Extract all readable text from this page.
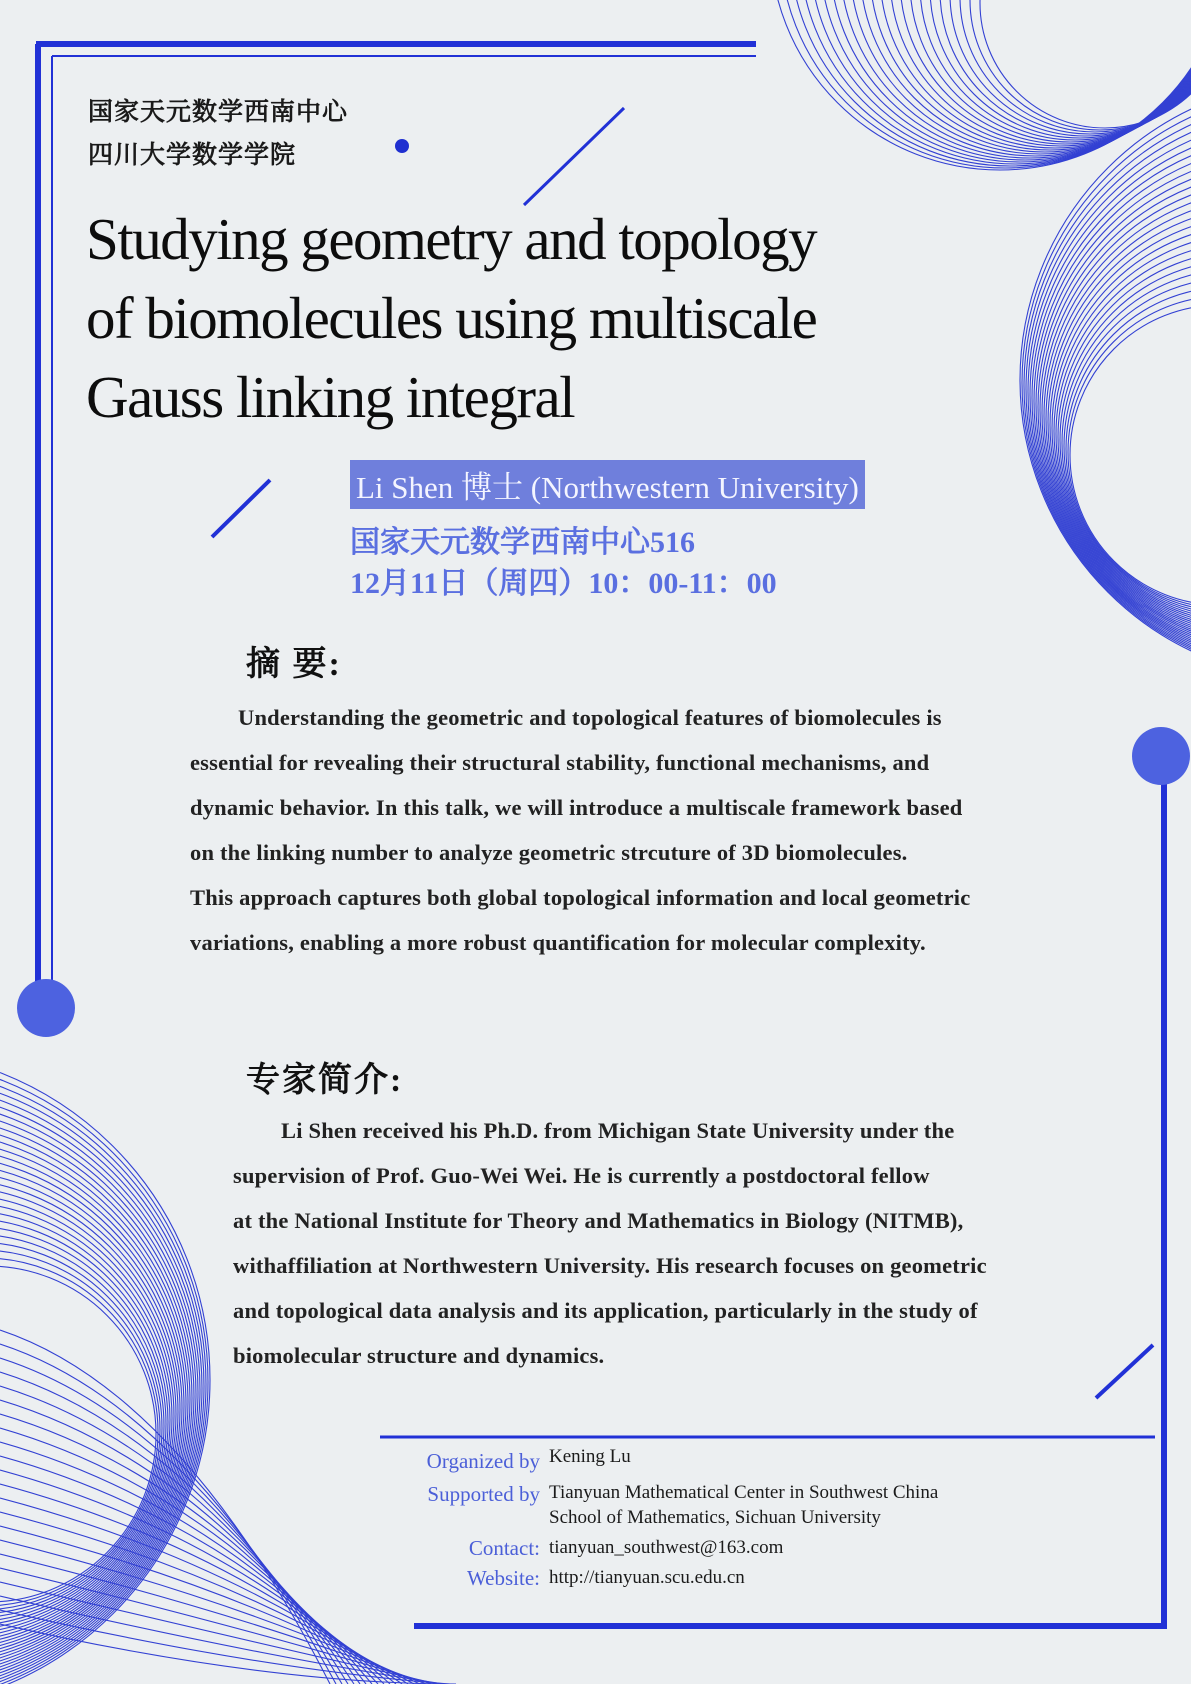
国家天元数学西南中心
四川大学数学学院
Studying geometry and topology
of biomolecules using multiscale
Gauss linking integral
Li Shen 博士 (Northwestern University)
国家天元数学西南中心516
12月11日（周四）10：00-11：00
摘 要:

Understanding the geometric and topological features of biomolecules is

essential for revealing their structural stability, functional mechanisms, and

dynamic behavior. In this talk, we will introduce a multiscale framework based

on the linking number to analyze geometric strcuture of 3D biomolecules.

This approach captures both global topological information and local geometric

variations, enabling a more robust quantification for molecular complexity.

专家简介:

Li Shen received his Ph.D. from Michigan State University under the

supervision of Prof. Guo-Wei Wei. He is currently a postdoctoral fellow

at the National Institute for Theory and Mathematics in Biology (NITMB),

withaffiliation at Northwestern University. His research focuses on geometric

and topological data analysis and its application, particularly in the study of

biomolecular structure and dynamics.

Organized by Kening Lu
Supported by Tianyuan Mathematical Center in Southwest China
School of Mathematics, Sichuan University
Contact: tianyuan_southwest@163.com
Website: http://tianyuan.scu.edu.cn
